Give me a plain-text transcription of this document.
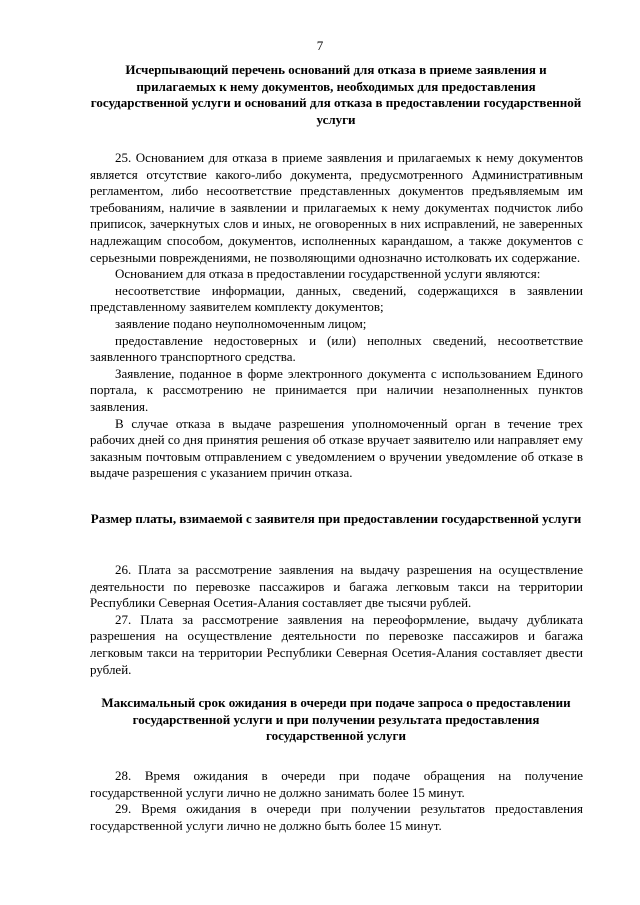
7
Исчерпывающий перечень оснований для отказа в приеме заявления и прилагаемых к нему документов, необходимых для предоставления государственной услуги и оснований для отказа в предоставлении государственной услуги

25. Основанием для отказа в приеме заявления и прилагаемых к нему документов является отсутствие какого-либо документа, предусмотренного Административным регламентом, либо несоответствие представленных документов предъявляемым им требованиям, наличие в заявлении и прилагаемых к нему документах подчисток либо приписок, зачеркнутых слов и иных, не оговоренных в них исправлений, не заверенных надлежащим способом, документов, исполненных карандашом, а также документов с серьезными повреждениями, не позволяющими однозначно истолковать их содержание.

Основанием для отказа в предоставлении государственной услуги являются:

несоответствие информации, данных, сведений, содержащихся в заявлении представленному заявителем комплекту документов;

заявление подано неуполномоченным лицом;

предоставление недостоверных и (или) неполных сведений, несоответствие заявленного транспортного средства.

Заявление, поданное в форме электронного документа с использованием Единого портала, к рассмотрению не принимается при наличии незаполненных пунктов заявления.

В случае отказа в выдаче разрешения уполномоченный орган в течение трех рабочих дней со дня принятия решения об отказе вручает заявителю или направляет ему заказным почтовым отправлением с уведомлением о вручении уведомление об отказе в выдаче разрешения с указанием причин отказа.

Размер платы, взимаемой с заявителя при предоставлении государственной услуги

26. Плата за рассмотрение заявления на выдачу разрешения на осуществление деятельности по перевозке пассажиров и багажа легковым такси на территории Республики Северная Осетия-Алания составляет две тысячи рублей.

27. Плата за рассмотрение заявления на переоформление, выдачу дубликата разрешения на осуществление деятельности по перевозке пассажиров и багажа легковым такси на территории Республики Северная Осетия-Алания составляет двести рублей.

Максимальный срок ожидания в очереди при подаче запроса о предоставлении государственной услуги и при получении результата предоставления государственной услуги

28. Время ожидания в очереди при подаче обращения на получение государственной услуги лично не должно занимать более 15 минут.

29. Время ожидания в очереди при получении результатов предоставления государственной услуги лично не должно быть более 15 минут.
